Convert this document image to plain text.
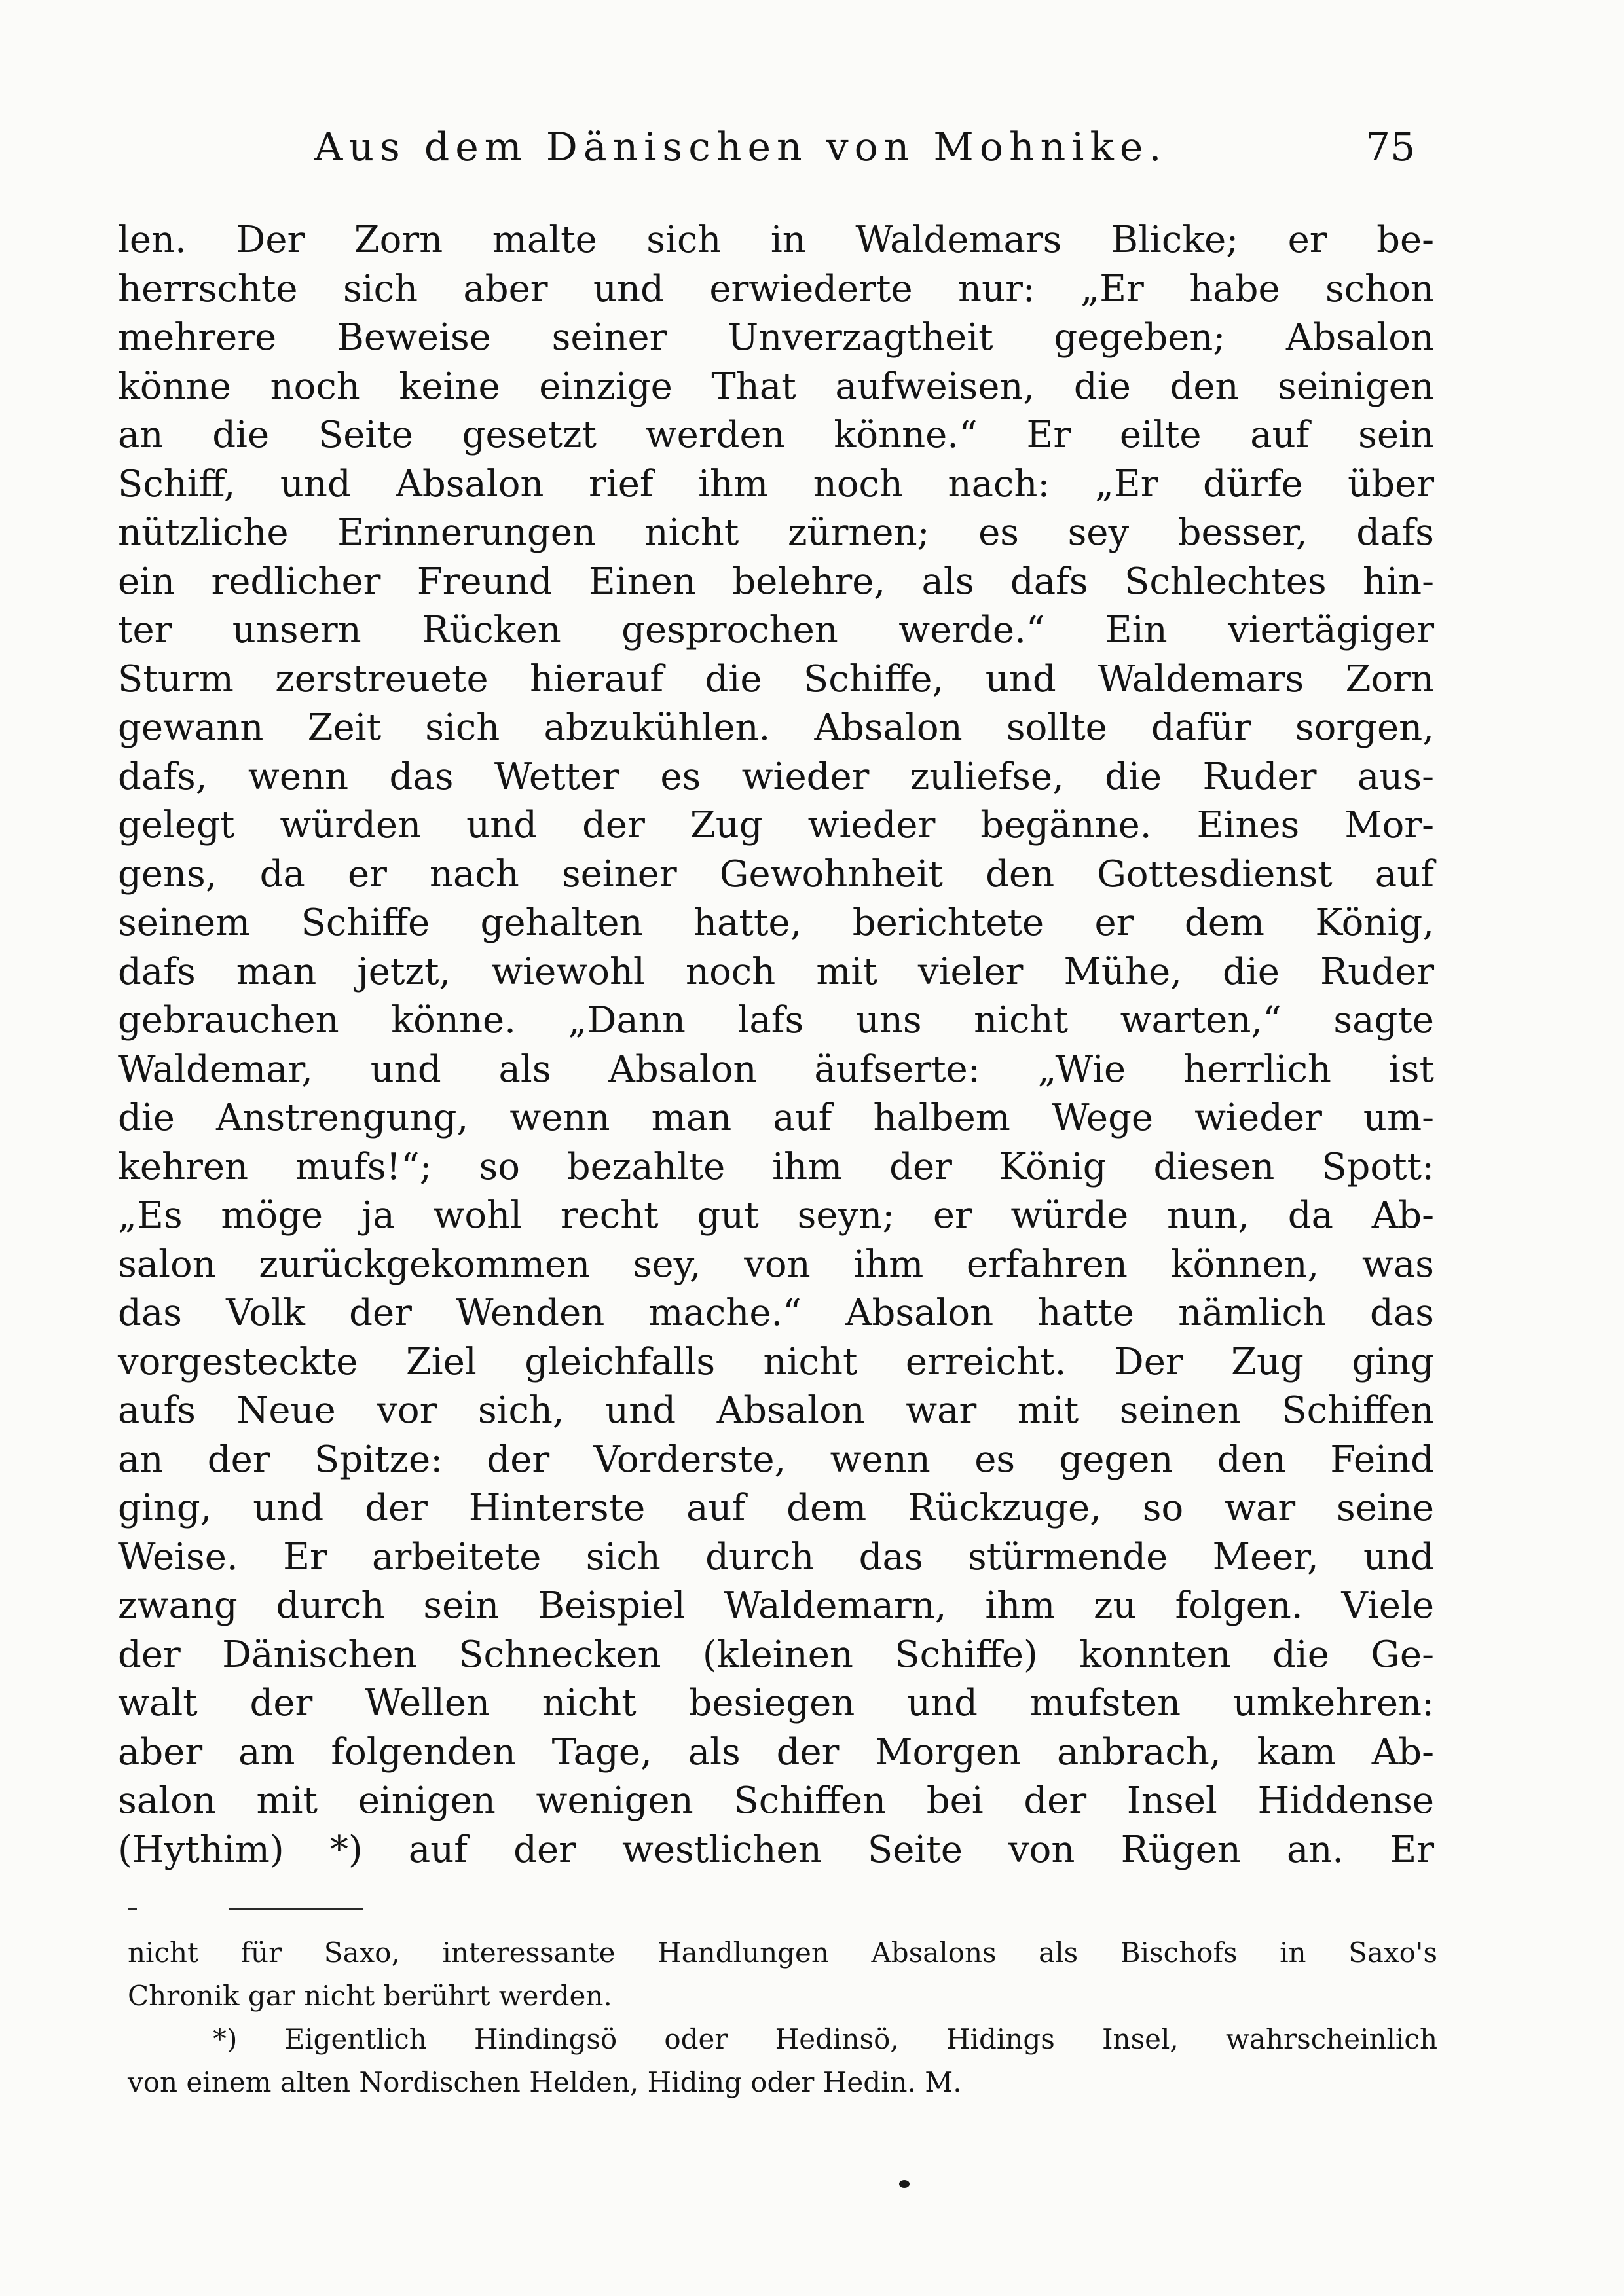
Aus dem Dänischen von Mohnike.	75
len. Der Zorn malte sich in Waldemars Blicke; er be-
herrschte sich aber und erwiederte nur: „Er habe schon
mehrere Beweise seiner Unverzagtheit gegeben; Absalon
könne noch keine einzige That aufweisen, die den seinigen
an die Seite gesetzt werden könne.“ Er eilte auf sein
Schiff, und Absalon rief ihm noch nach: „Er dürfe über
nützliche Erinnerungen nicht zürnen; es sey besser, dafs
ein redlicher Freund Einen belehre, als dafs Schlechtes hin-
ter unsern Rücken gesprochen werde.“ Ein viertägiger
Sturm zerstreuete hierauf die Schiffe, und Waldemars Zorn
gewann Zeit sich abzukühlen. Absalon sollte dafür sorgen,
dafs, wenn das Wetter es wieder zuliefse, die Ruder aus-
gelegt würden und der Zug wieder begänne. Eines Mor-
gens, da er nach seiner Gewohnheit den Gottesdienst auf
seinem Schiffe gehalten hatte, berichtete er dem König,
dafs man jetzt, wiewohl noch mit vieler Mühe, die Ruder
gebrauchen könne. „Dann lafs uns nicht warten,“ sagte
Waldemar, und als Absalon äufserte: „Wie herrlich ist
die Anstrengung, wenn man auf halbem Wege wieder um-
kehren mufs!“; so bezahlte ihm der König diesen Spott:
„Es möge ja wohl recht gut seyn; er würde nun, da Ab-
salon zurückgekommen sey, von ihm erfahren können, was
das Volk der Wenden mache.“ Absalon hatte nämlich das
vorgesteckte Ziel gleichfalls nicht erreicht. Der Zug ging
aufs Neue vor sich, und Absalon war mit seinen Schiffen
an der Spitze: der Vorderste, wenn es gegen den Feind
ging, und der Hinterste auf dem Rückzuge, so war seine
Weise. Er arbeitete sich durch das stürmende Meer, und
zwang durch sein Beispiel Waldemarn, ihm zu folgen. Viele
der Dänischen Schnecken (kleinen Schiffe) konnten die Ge-
walt der Wellen nicht besiegen und mufsten umkehren:
aber am folgenden Tage, als der Morgen anbrach, kam Ab-
salon mit einigen wenigen Schiffen bei der Insel Hiddense
(Hythim) *) auf der westlichen Seite von Rügen an. Er
nicht für Saxo, interessante Handlungen Absalons als Bischofs in Saxo's
Chronik gar nicht berührt werden.
*) Eigentlich Hindingsö oder Hedinsö, Hidings Insel, wahrscheinlich
von einem alten Nordischen Helden, Hiding oder Hedin. M.
